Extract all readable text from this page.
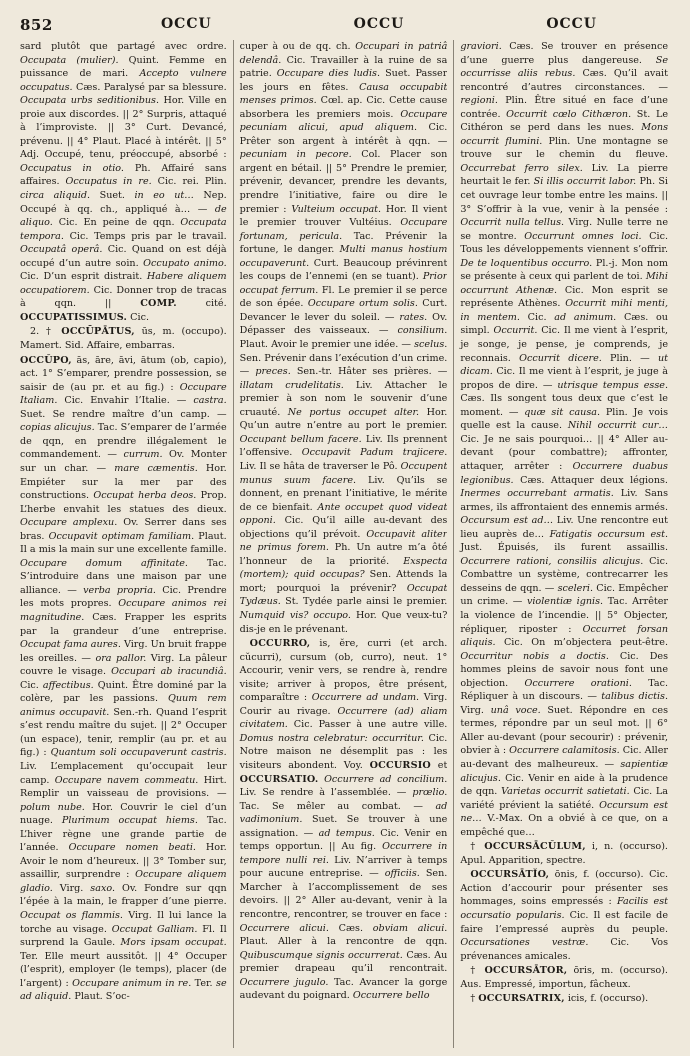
852	OCCU	OCCU	OCCU

sard plutôt que partagé avec ordre. Occupata (mulier). Quint. Femme en puissance de mari. Accepto vulnere occupatus. Cæs. Paralysé par sa blessure. Occupata urbs seditionibus. Hor. Ville en proie aux discordes. || 2° Surpris, attaqué à l’improviste. || 3° Curt. Devancé, prévenu. || 4° Plaut. Placé à intérêt. || 5° Adj. Occupé, tenu, préoccupé, absorbé : Occupatus in otio. Ph. Affairé sans affaires. Occupatus in re. Cic. rei. Plin. circa aliquid. Suet. in eo ut… Nep. Occupé à qq. ch., appliqué à… — de aliquo. Cic. En peine de qqn. Occupata tempora. Cic. Temps pris par le travail. Occupatâ operâ. Cic. Quand on est déjà occupé d’un autre soin. Occupato animo. Cic. D’un esprit distrait. Habere aliquem occupatiorem. Cic. Donner trop de tracas à qqn. || COMP. cité. OCCUPATISSIMUS. Cic.

2. † OCCŪPĀTUS, ūs, m. (occupo). Mamert. Sid. Affaire, embarras.

OCCŬPO, ās, āre, āvi, ātum (ob, capio), act. 1° S’emparer, prendre possession, se saisir de (au pr. et au fig.) : Occupare Italiam. Cic. Envahir l’Italie. — castra. Suet. Se rendre maître d’un camp. — copias alicujus. Tac. S’emparer de l’armée de qqn, en prendre illégalement le commandement. — currum. Ov. Monter sur un char. — mare cæmentis. Hor. Empiéter sur la mer par des constructions. Occupat herba deos. Prop. L’herbe envahit les statues des dieux. Occupare amplexu. Ov. Serrer dans ses bras. Occupavit optimam familiam. Plaut. Il a mis la main sur une excellente famille. Occupare domum affinitate. Tac. S’introduire dans une maison par une alliance. — verba propria. Cic. Prendre les mots propres. Occupare animos rei magnitudine. Cæs. Frapper les esprits par la grandeur d’une entreprise. Occupat fama aures. Virg. Un bruit frappe les oreilles. — ora pallor. Virg. La pâleur couvre le visage. Occupari ab iracundiâ. Cic. affectibus. Quint. Être dominé par la colère, par les passions. Quum rem animus occupavit. Sen.-rh. Quand l’esprit s’est rendu maître du sujet. || 2° Occuper (un espace), tenir, remplir (au pr. et au fig.) : Quantum soli occupaverunt castris. Liv. L’emplacement qu’occupait leur camp. Occupare navem commeatu. Hirt. Remplir un vaisseau de provisions. — polum nube. Hor. Couvrir le ciel d’un nuage. Plurimum occupat hiems. Tac. L’hiver règne une grande partie de l’année. Occupare nomen beati. Hor. Avoir le nom d’heureux. || 3° Tomber sur, assaillir, surprendre : Occupare aliquem gladio. Virg. saxo. Ov. Fondre sur qqn l’épée à la main, le frapper d’une pierre. Occupat os flammis. Virg. Il lui lance la torche au visage. Occupat Galliam. Fl. Il surprend la Gaule. Mors ipsam occupat. Ter. Elle meurt aussitôt. || 4° Occuper (l’esprit), employer (le temps), placer (de l’argent) : Occupare animum in re. Ter. se ad aliquid. Plaut. S’oc-

cuper à ou de qq. ch. Occupari in patriâ delendâ. Cic. Travailler à la ruine de sa patrie. Occupare dies ludis. Suet. Passer les jours en fêtes. Causa occupabit menses primos. Cœl. ap. Cic. Cette cause absorbera les premiers mois. Occupare pecuniam alicui, apud aliquem. Cic. Prêter son argent à intérêt à qqn. — pecuniam in pecore. Col. Placer son argent en bétail. || 5° Prendre le premier, prévenir, devancer, prendre les devants, prendre l’initiative, faire ou dire le premier : Vulteium occupat. Hor. Il vient le premier trouver Vultéius. Occupare fortunam, pericula. Tac. Prévenir la fortune, le danger. Multi manus hostium occupaverunt. Curt. Beaucoup prévinrent les coups de l’ennemi (en se tuant). Prior occupat ferrum. Fl. Le premier il se perce de son épée. Occupare ortum solis. Curt. Devancer le lever du soleil. — rates. Ov. Dépasser des vaisseaux. — consilium. Plaut. Avoir le premier une idée. — scelus. Sen. Prévenir dans l’exécution d’un crime. — preces. Sen.-tr. Hâter ses prières. — illatam crudelitatis. Liv. Attacher le premier à son nom le souvenir d’une cruauté. Ne portus occupet alter. Hor. Qu’un autre n’entre au port le premier. Occupant bellum facere. Liv. Ils prennent l’offensive. Occupavit Padum trajicere. Liv. Il se hâta de traverser le Pô. Occupent munus suum facere. Liv. Qu’ils se donnent, en prenant l’initiative, le mérite de ce bienfait. Ante occupet quod videat opponi. Cic. Qu’il aille au-devant des objections qu’il prévoit. Occupavit aliter ne primus forem. Ph. Un autre m’a ôté l’honneur de la priorité. Exspecta (mortem); quid occupas? Sen. Attends la mort; pourquoi la prévenir? Occupat Tydæus. St. Tydée parle ainsi le premier. Numquid vis? occupo. Hor. Que veux-tu? dis-je en le prévenant.

OCCURRO, is, ĕre, curri (et arch. cŭcurri), cursum (ob, curro), neut. 1° Accourir, venir vers, se rendre à, rendre visite; arriver à propos, être présent, comparaître : Occurrere ad undam. Virg. Courir au rivage. Occurrere (ad) aliam civitatem. Cic. Passer à une autre ville. Domus nostra celebratur: occurritur. Cic. Notre maison ne désemplit pas : les visiteurs abondent. Voy. OCCURSIO et OCCURSATIO. Occurrere ad concilium. Liv. Se rendre à l’assemblée. — prœlio. Tac. Se mêler au combat. — ad vadimonium. Suet. Se trouver à une assignation. — ad tempus. Cic. Venir en temps opportun. || Au fig. Occurrere in tempore nulli rei. Liv. N’arriver à temps pour aucune entreprise. — officiis. Sen. Marcher à l’accomplissement de ses devoirs. || 2° Aller au-devant, venir à la rencontre, rencontrer, se trouver en face : Occurrere alicui. Cæs. obviam alicui. Plaut. Aller à la rencontre de qqn. Quibuscumque signis occurrerat. Cæs. Au premier drapeau qu’il rencontrait. Occurrere jugulo. Tac. Avancer la gorge audevant du poignard. Occurrere bello

graviori. Cæs. Se trouver en présence d’une guerre plus dangereuse. Se occurrisse aliis rebus. Cæs. Qu’il avait rencontré d’autres circonstances. — regioni. Plin. Être situé en face d’une contrée. Occurrit cœlo Cithæron. St. Le Cithéron se perd dans les nues. Mons occurrit flumini. Plin. Une montagne se trouve sur le chemin du fleuve. Occurrebat ferro silex. Liv. La pierre heurtait le fer. Si illis occurrit labor. Ph. Si cet ouvrage leur tombe entre les mains. || 3° S’offrir à la vue, venir à la pensée : Occurrit nulla tellus. Virg. Nulle terre ne se montre. Occurrunt omnes loci. Cic. Tous les développements viennent s’offrir. De te loquentibus occurro. Pl.-j. Mon nom se présente à ceux qui parlent de toi. Mihi occurrunt Athenæ. Cic. Mon esprit se représente Athènes. Occurrit mihi menti, in mentem. Cic. ad animum. Cæs. ou simpl. Occurrit. Cic. Il me vient à l’esprit, je songe, je pense, je comprends, je reconnais. Occurrit dicere. Plin. — ut dicam. Cic. Il me vient à l’esprit, je juge à propos de dire. — utrisque tempus esse. Cæs. Ils songent tous deux que c’est le moment. — quæ sit causa. Plin. Je vois quelle est la cause. Nihil occurrit cur… Cic. Je ne sais pourquoi… || 4° Aller au-devant (pour combattre); affronter, attaquer, arrêter : Occurrere duabus legionibus. Cæs. Attaquer deux légions. Inermes occurrebant armatis. Liv. Sans armes, ils affrontaient des ennemis armés. Occursum est ad… Liv. Une rencontre eut lieu auprès de… Fatigatis occursum est. Just. Épuisés, ils furent assaillis. Occurrere rationi, consiliis alicujus. Cic. Combattre un système, contrecarrer les desseins de qqn. — sceleri. Cic. Empêcher un crime. — violentiæ ignis. Tac. Arrêter la violence de l’incendie. || 5° Objecter, répliquer, riposter : Occurret forsan aliquis. Cic. On m’objectera peut-être. Occurritur nobis a doctis. Cic. Des hommes pleins de savoir nous font une objection. Occurrere orationi. Tac. Répliquer à un discours. — talibus dictis. Virg. unâ voce. Suet. Répondre en ces termes, répondre par un seul mot. || 6° Aller au-devant (pour secourir) : prévenir, obvier à : Occurrere calamitosis. Cic. Aller au-devant des malheureux. — sapientiæ alicujus. Cic. Venir en aide à la prudence de qqn. Varietas occurrit satietati. Cic. La variété prévient la satiété. Occursum est ne… V.-Max. On a obvié à ce que, on a empêché que…

† OCCURSĀCŬLUM, i, n. (occurso). Apul. Apparition, spectre.

OCCURSĀTĬO, ōnis, f. (occurso). Cic. Action d’accourir pour présenter ses hommages, soins empressés : Facilis est occursatio popularis. Cic. Il est facile de faire l’empressé auprès du peuple. Occursationes vestræ. Cic. Vos prévenances amicales.

† OCCURSĀTOR, ōris, m. (occurso). Aus. Empressé, importun, fâcheux.

† OCCURSATRIX, icis, f. (occurso).
